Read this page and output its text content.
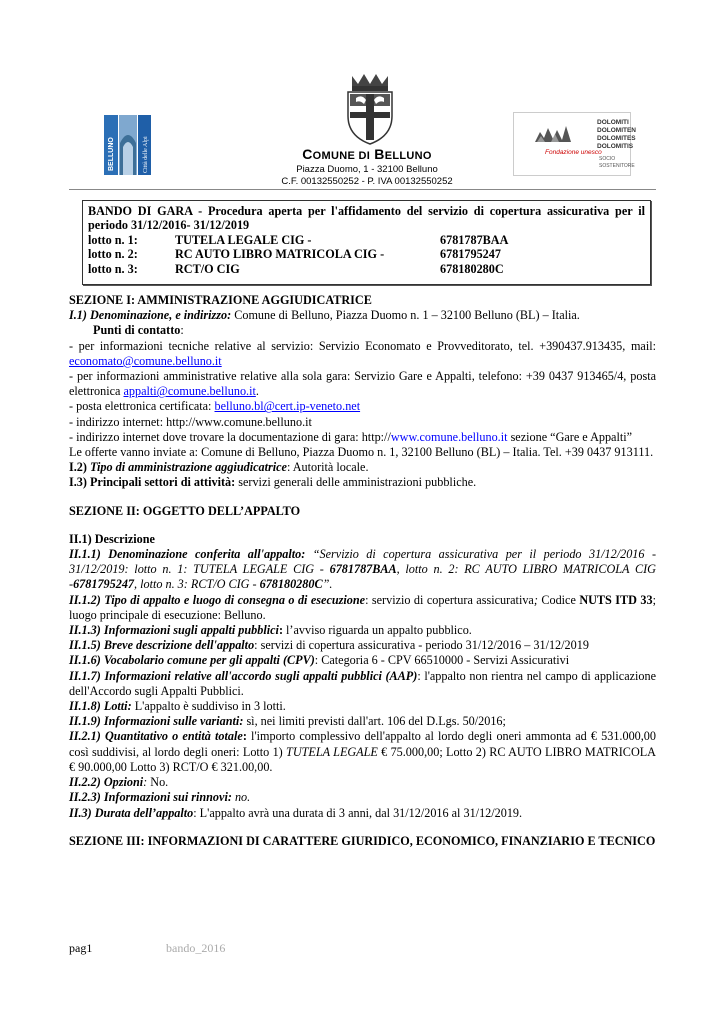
BELLUNO	Città delle Alpi	COMUNE DI BELLUNO
Piazza Duomo, 1 - 32100 Belluno
C.F. 00132550252 - P. IVA 00132550252
Fondazione unesco
DOLOMITI
DOLOMITEN
DOLOMITES
DOLOMITIS
SOCIO
SOSTENITORE
BANDO DI GARA - Procedura aperta per l'affidamento del servizio di copertura assicurativa per il periodo 31/12/2016- 31/12/2019
lotto n. 1:	TUTELA LEGALE CIG -	6781787BAA
lotto n. 2:	RC AUTO LIBRO MATRICOLA CIG -	6781795247
lotto n. 3:	RCT/O CIG	678180280C

SEZIONE I: AMMINISTRAZIONE AGGIUDICATRICE

I.1) Denominazione, e indirizzo: Comune di Belluno, Piazza Duomo n. 1 – 32100 Belluno (BL) – Italia.

Punti di contatto:

- per informazioni tecniche relative al servizio: Servizio Economato e Provveditorato, tel. +390437.913435, mail: economato@comune.belluno.it

- per informazioni amministrative relative alla sola gara: Servizio Gare e Appalti, telefono: +39 0437 913465/4, posta elettronica appalti@comune.belluno.it.

- posta elettronica certificata: belluno.bl@cert.ip-veneto.net

- indirizzo internet: http://www.comune.belluno.it

- indirizzo internet dove trovare la documentazione di gara: http://www.comune.belluno.it sezione “Gare e Appalti”

Le offerte vanno inviate a: Comune di Belluno, Piazza Duomo n. 1, 32100 Belluno (BL) – Italia. Tel. +39 0437 913111.

I.2) Tipo di amministrazione aggiudicatrice: Autorità locale.

I.3) Principali settori di attività: servizi generali delle amministrazioni pubbliche.

SEZIONE II: OGGETTO DELL’APPALTO

II.1) Descrizione

II.1.1) Denominazione conferita all'appalto: “Servizio di copertura assicurativa per il periodo 31/12/2016 - 31/12/2019: lotto n. 1: TUTELA LEGALE CIG - 6781787BAA, lotto n. 2: RC AUTO LIBRO MATRICOLA CIG -6781795247, lotto n. 3: RCT/O CIG - 678180280C”.

II.1.2) Tipo di appalto e luogo di consegna o di esecuzione: servizio di copertura assicurativa; Codice NUTS ITD 33; luogo principale di esecuzione: Belluno.

II.1.3) Informazioni sugli appalti pubblici: l’avviso riguarda un appalto pubblico.

II.1.5) Breve descrizione dell'appalto: servizi di copertura assicurativa - periodo 31/12/2016 – 31/12/2019

II.1.6) Vocabolario comune per gli appalti (CPV): Categoria 6 - CPV 66510000 - Servizi Assicurativi

II.1.7) Informazioni relative all'accordo sugli appalti pubblici (AAP): l'appalto non rientra nel campo di applicazione dell'Accordo sugli Appalti Pubblici.

II.1.8) Lotti: L'appalto è suddiviso in 3 lotti.

II.1.9) Informazioni sulle varianti: sì, nei limiti previsti dall'art. 106 del D.Lgs. 50/2016;

II.2.1) Quantitativo o entità totale: l'importo complessivo dell'appalto al lordo degli oneri ammonta ad € 531.000,00 così suddivisi, al lordo degli oneri: Lotto 1) TUTELA LEGALE € 75.000,00; Lotto 2) RC AUTO LIBRO MATRICOLA € 90.000,00 Lotto 3) RCT/O € 321.00,00.

II.2.2) Opzioni: No.

II.2.3) Informazioni sui rinnovi: no.

II.3) Durata dell’appalto: L'appalto avrà una durata di 3 anni, dal 31/12/2016 al 31/12/2019.

SEZIONE III: INFORMAZIONI DI CARATTERE GIURIDICO, ECONOMICO, FINANZIARIO E TECNICO

pag1	bando_2016
